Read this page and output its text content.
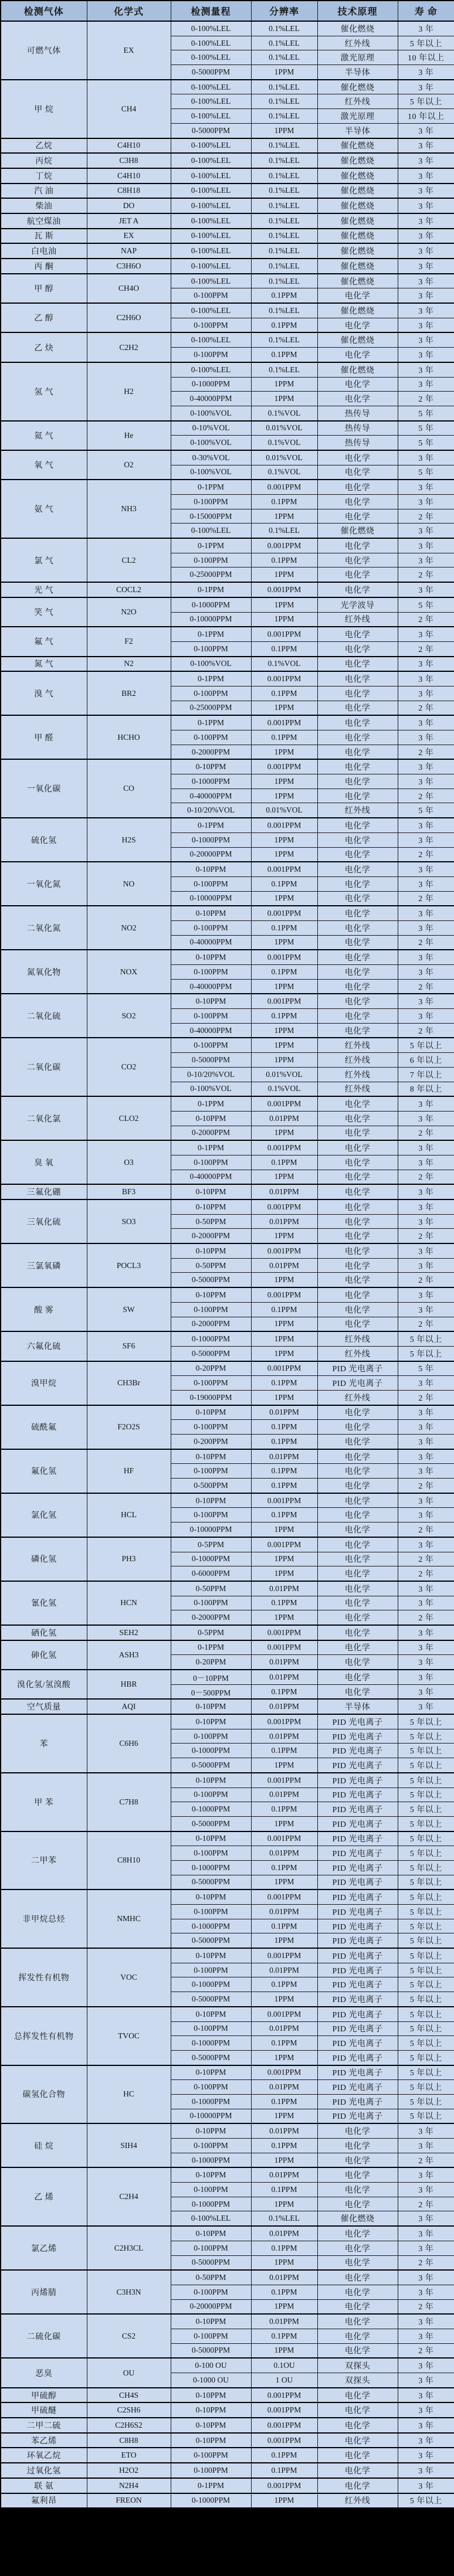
检测气体	化学式	检测量程	分辨率	技术原理	寿 命
可燃气体	EX	0-100%LEL	0.1%LEL	催化燃烧	3 年
		0-100%LEL	0.1%LEL	红外线	5 年以上
		0-100%LEL	0.1%LEL	激光原理	10 年以上
		0-5000PPM	1PPM	半导体	3 年
甲 烷	CH4	0-100%LEL	0.1%LEL	催化燃烧	3 年
		0-100%LEL	0.1%LEL	红外线	5 年以上
		0-100%LEL	0.1%LEL	激光原理	10 年以上
		0-5000PPM	1PPM	半导体	3 年
乙烷	C4H10	0-100%LEL	0.1%LEL	催化燃烧	3 年
丙烷	C3H8	0-100%LEL	0.1%LEL	催化燃烧	3 年
丁烷	C4H10	0-100%LEL	0.1%LEL	催化燃烧	3 年
汽 油	C8H18	0-100%LEL	0.1%LEL	催化燃烧	3 年
柴油	DO	0-100%LEL	0.1%LEL	催化燃烧	3 年
航空煤油	JET A	0-100%LEL	0.1%LEL	催化燃烧	3 年
瓦 斯	EX	0-100%LEL	0.1%LEL	催化燃烧	3 年
白电油	NAP	0-100%LEL	0.1%LEL	催化燃烧	3 年
丙 酮	C3H6O	0-100%LEL	0.1%LEL	催化燃烧	3 年
甲 醇	CH4O	0-100%LEL	0.1%LEL	催化燃烧	3 年
		0-100PPM	0.1PPM	电化学	3 年
乙 醇	C2H6O	0-100%LEL	0.1%LEL	催化燃烧	3 年
		0-100PPM	0.1PPM	电化学	3 年
乙 炔	C2H2	0-100%LEL	0.1%LEL	催化燃烧	3 年
		0-100PPM	0.1PPM	电化学	3 年
氢 气	H2	0-100%LEL	0.1%LEL	催化燃烧	3 年
		0-1000PPM	1PPM	电化学	3 年
		0-40000PPM	1PPM	电化学	2 年
		0-100%VOL	0.1%VOL	热传导	5 年
氦 气	He	0-10%VOL	0.01%VOL	热传导	5 年
		0-100%VOL	0.1%VOL	热传导	5 年
氧 气	O2	0-30%VOL	0.01%VOL	电化学	3 年
		0-100%VOL	0.1%VOL	电化学	5 年
氨 气	NH3	0-1PPM	0.001PPM	电化学	3 年
		0-100PPM	0.1PPM	电化学	3 年
		0-15000PPM	1PPM	电化学	2 年
		0-100%LEL	0.1%LEL	催化燃烧	3 年
氯 气	CL2	0-1PPM	0.001PPM	电化学	3 年
		0-100PPM	0.1PPM	电化学	3 年
		0-25000PPM	1PPM	电化学	2 年
光 气	COCL2	0-1PPM	0.001PPM	电化学	3 年
笑 气	N2O	0-1000PPM	1PPM	光学波导	5 年
		0-10000PPM	1PPM	红外线	2 年
氟 气	F2	0-1PPM	0.001PPM	电化学	3 年
		0-100PPM	0.1PPM	电化学	2 年
氮 气	N2	0-100%VOL	0.1%VOL	电化学	3 年
溴 气	BR2	0-1PPM	0.001PPM	电化学	3 年
		0-100PPM	0.1PPM	电化学	3 年
		0-25000PPM	1PPM	电化学	2 年
甲 醛	HCHO	0-1PPM	0.001PPM	电化学	3 年
		0-100PPM	0.1PPM	电化学	3 年
		0-2000PPM	1PPM	电化学	2 年
一氧化碳	CO	0-10PPM	0.001PPM	电化学	3 年
		0-1000PPM	1PPM	电化学	3 年
		0-40000PPM	1PPM	电化学	2 年
		0-10/20%VOL	0.01%VOL	红外线	5 年
硫化氢	H2S	0-1PPM	0.001PPM	电化学	3 年
		0-1000PPM	1PPM	电化学	3 年
		0-20000PPM	1PPM	电化学	2 年
一氧化氮	NO	0-10PPM	0.001PPM	电化学	3 年
		0-100PPM	0.1PPM	电化学	3 年
		0-10000PPM	1PPM	电化学	2 年
二氧化氮	NO2	0-10PPM	0.001PPM	电化学	3 年
		0-100PPM	0.1PPM	电化学	3 年
		0-40000PPM	1PPM	电化学	2 年
氮氧化物	NOX	0-10PPM	0.001PPM	电化学	3 年
		0-100PPM	0.1PPM	电化学	3 年
		0-40000PPM	1PPM	电化学	2 年
二氧化硫	SO2	0-10PPM	0.001PPM	电化学	3 年
		0-100PPM	0.1PPM	电化学	3 年
		0-40000PPM	1PPM	电化学	2 年
二氧化碳	CO2	0-100PPM	1PPM	红外线	5 年以上
		0-5000PPM	1PPM	红外线	6 年以上
		0-10/20%VOL	0.01%VOL	红外线	7 年以上
		0-100%VOL	0.1%VOL	红外线	8 年以上
二氧化氯	CLO2	0-1PPM	0.001PPM	电化学	3 年
		0-10PPM	0.01PPM	电化学	3 年
		0-2000PPM	1PPM	电化学	2 年
臭 氧	O3	0-1PPM	0.001PPM	电化学	3 年
		0-100PPM	0.1PPM	电化学	3 年
		0-40000PPM	1PPM	电化学	2 年
三氟化硼	BF3	0-10PPM	0.01PPM	电化学	3 年
三氧化硫	SO3	0-10PPM	0.001PPM	电化学	3 年
		0-50PPM	0.01PPM	电化学	3 年
		0-2000PPM	1PPM	电化学	2 年
三氯氧磷	POCL3	0-10PPM	0.001PPM	电化学	3 年
		0-50PPM	0.01PPM	电化学	3 年
		0-5000PPM	1PPM	电化学	2 年
酸 雾	SW	0-10PPM	0.001PPM	电化学	3 年
		0-100PPM	0.1PPM	电化学	3 年
		0-2000PPM	1PPM	电化学	2 年
六氟化硫	SF6	0-1000PPM	1PPM	红外线	5 年以上
		0-5000PPM	1PPM	红外线	5 年以上
溴甲烷	CH3Br	0-20PPM	0.001PPM	PID 光电离子	5 年
		0-100PPM	0.1PPM	PID 光电离子	3 年
		0-19000PPM	1PPM	红外线	2 年
硫酰氟	F2O2S	0-10PPM	0.01PPM	电化学	3 年
		0-100PPM	0.1PPM	电化学	3 年
		0-200PPM	0.1PPM	电化学	3 年
氟化氢	HF	0-10PPM	0.01PPM	电化学	3 年
		0-100PPM	0.1PPM	电化学	3 年
		0-500PPM	0.1PPM	电化学	2 年
氯化氢	HCL	0-10PPM	0.001PPM	电化学	3 年
		0-100PPM	0.1PPM	电化学	3 年
		0-10000PPM	1PPM	电化学	2 年
磷化氢	PH3	0-5PPM	0.001PPM	电化学	3 年
		0-1000PPM	1PPM	电化学	2 年
		0-6000PPM	1PPM	电化学	2 年
氰化氢	HCN	0-50PPM	0.01PPM	电化学	3 年
		0-100PPM	0.1PPM	电化学	3 年
		0-2000PPM	1PPM	电化学	2 年
硒化氢	SEH2	0-5PPM	0.001PPM	电化学	3 年
砷化氢	ASH3	0-1PPM	0.001PPM	电化学	3 年
		0-20PPM	0.01PPM	电化学	3 年
溴化氢/氢溴酸	HBR	0－10PPM	0.01PPM	电化学	3 年
		0－500PPM	0.1PPM	电化学	3 年
空气质量	AQI	0-10PPM	0.01PPM	半导体	3 年
苯	C6H6	0-10PPM	0.001PPM	PID 光电离子	5 年以上
		0-100PPM	0.01PPM	PID 光电离子	5 年以上
		0-1000PPM	0.1PPM	PID 光电离子	5 年以上
		0-5000PPM	1PPM	PID 光电离子	5 年以上
甲 苯	C7H8	0-10PPM	0.001PPM	PID 光电离子	5 年以上
		0-100PPM	0.01PPM	PID 光电离子	5 年以上
		0-1000PPM	0.1PPM	PID 光电离子	5 年以上
		0-5000PPM	1PPM	PID 光电离子	5 年以上
二甲苯	C8H10	0-10PPM	0.001PPM	PID 光电离子	5 年以上
		0-100PPM	0.01PPM	PID 光电离子	5 年以上
		0-1000PPM	0.1PPM	PID 光电离子	5 年以上
		0-5000PPM	1PPM	PID 光电离子	5 年以上
非甲烷总烃	NMHC	0-10PPM	0.001PPM	PID 光电离子	5 年以上
		0-100PPM	0.01PPM	PID 光电离子	5 年以上
		0-1000PPM	0.1PPM	PID 光电离子	5 年以上
		0-5000PPM	1PPM	PID 光电离子	5 年以上
挥发性有机物	VOC	0-10PPM	0.001PPM	PID 光电离子	5 年以上
		0-100PPM	0.01PPM	PID 光电离子	5 年以上
		0-1000PPM	0.1PPM	PID 光电离子	5 年以上
		0-5000PPM	1PPM	PID 光电离子	5 年以上
总挥发性有机物	TVOC	0-10PPM	0.001PPM	PID 光电离子	5 年以上
		0-100PPM	0.01PPM	PID 光电离子	5 年以上
		0-1000PPM	0.1PPM	PID 光电离子	5 年以上
		0-5000PPM	1PPM	PID 光电离子	5 年以上
碳氢化合物	HC	0-10PPM	0.001PPM	PID 光电离子	5 年以上
		0-100PPM	0.01PPM	PID 光电离子	5 年以上
		0-1000PPM	0.1PPM	PID 光电离子	5 年以上
		0-10000PPM	1PPM	PID 光电离子	5 年以上
硅 烷	SIH4	0-10PPM	0.01PPM	电化学	3 年
		0-100PPM	0.1PPM	电化学	3 年
		0-1000PPM	1PPM	电化学	2 年
乙 烯	C2H4	0-10PPM	0.01PPM	电化学	3 年
		0-100PPM	0.1PPM	电化学	3 年
		0-1000PPM	1PPM	电化学	2 年
		0-100%LEL	0.1%LEL	催化燃烧	3 年
氯乙烯	C2H3CL	0-10PPM	0.01PPM	电化学	3 年
		0-100PPM	0.1PPM	电化学	3 年
		0-5000PPM	1PPM	电化学	2 年
丙烯腈	C3H3N	0-50PPM	0.01PPM	电化学	3 年
		0-100PPM	0.1PPM	电化学	3 年
		0-20000PPM	1PPM	电化学	2 年
二硫化碳	CS2	0-10PPM	0.01PPM	电化学	3 年
		0-100PPM	0.1PPM	电化学	3 年
		0-5000PPM	1PPM	电化学	2 年
恶臭	OU	0-100 OU	0.1OU	双探头	3 年
		0-1000 OU	1 OU	双探头	3 年
甲硫醇	CH4S	0-10PPM	0.001PPM	电化学	3 年
甲硫醚	C2SH6	0-10PPM	0.001PPM	电化学	3 年
二甲二硫	C2H6S2	0-10PPM	0.001PPM	电化学	3 年
苯乙烯	C8H8	0-10PPM	0.001PPM	电化学	3 年
环氧乙烷	ETO	0-100PPM	0.1PPM	电化学	3 年
过氧化氢	H2O2	0-100PPM	0.1PPM	电化学	3 年
联 氨	N2H4	0-1PPM	0.001PPM	电化学	3 年
氟利昂	FREON	0-1000PPM	1PPM	红外线	5 年以上
